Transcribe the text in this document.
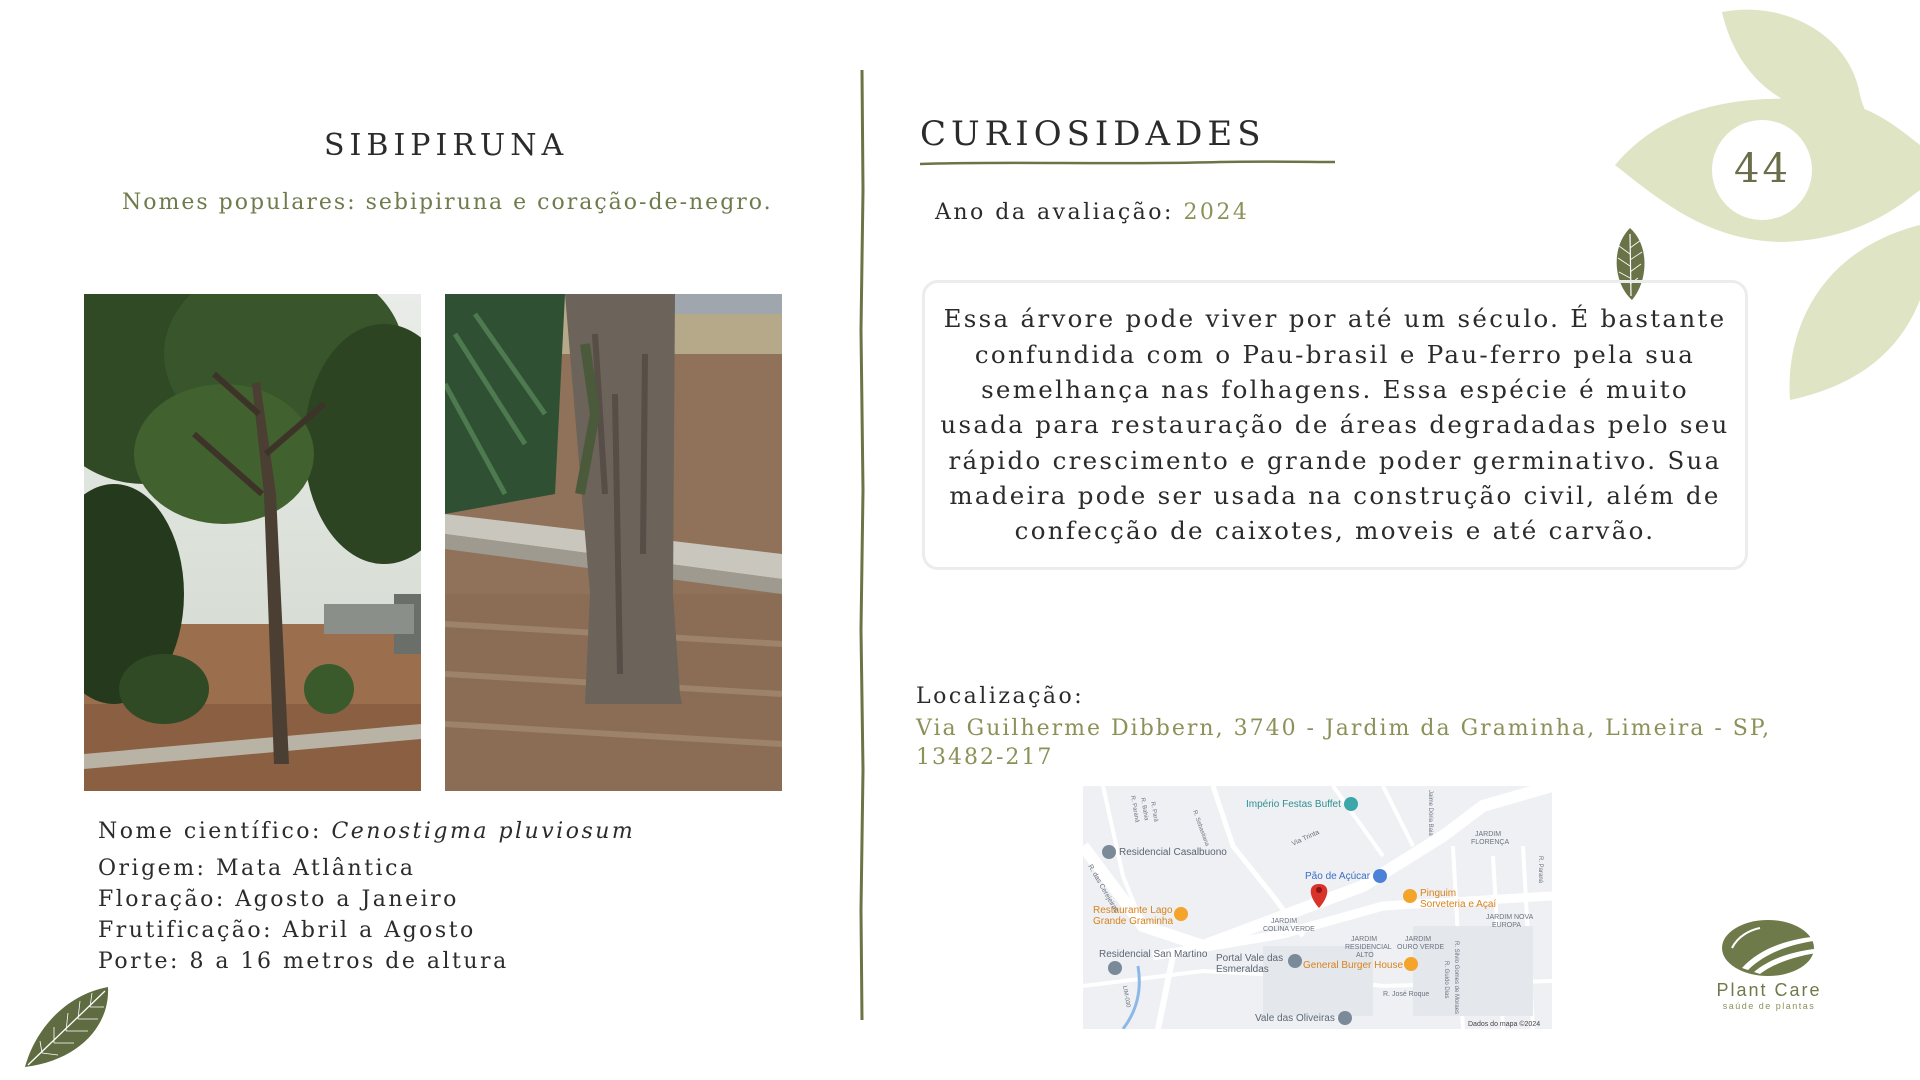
44
SIBIPIRUNA
Nomes populares: sebipiruna e coração-de-negro.
Nome científico: Cenostigma pluviosum
Origem: Mata Atlântica
Floração: Agosto a Janeiro
Frutificação: Abril a Agosto
Porte: 8 a 16 metros de altura
CURIOSIDADES
Ano da avaliação: 2024

Essa árvore pode viver por até um século. É bastante confundida com o Pau-brasil e Pau-ferro pela sua semelhança nas folhagens. Essa espécie é muito usada para restauração de áreas degradadas pelo seu rápido crescimento e grande poder germinativo. Sua madeira pode ser usada na construção civil, além de confecção de caixotes, moveis e até carvão.

Localização:
Via Guilherme Dibbern, 3740 - Jardim da Graminha, Limeira - SP, 13482-217
Império Festas Buffet
Residencial Casalbuono
Pão de Açúcar
Restaurante Lago
Grande Graminha
Pinguim
Sorveteria e Açaí
Residencial San Martino Portal Vale das
Esmeraldas	General Burger House
Vale das Oliveiras
JARDIM
COLINA VERDE
JARDIM
FLORENÇA
JARDIM NOVA
EUROPA
JARDIM
RESIDENCIAL
ALTO
JARDIM
OURO VERDE
Via Trinta
R. das Cerejeiras
R. José Roque
R. Paraná R. Bahia R. Pará	Jaime Dória Baia
R. Paraná
R. Guido Dias R. Silvio Gomes de Moraes
LIM-030
R. Sebastiana
Dados do mapa ©2024
Plant Care
saúde de plantas
